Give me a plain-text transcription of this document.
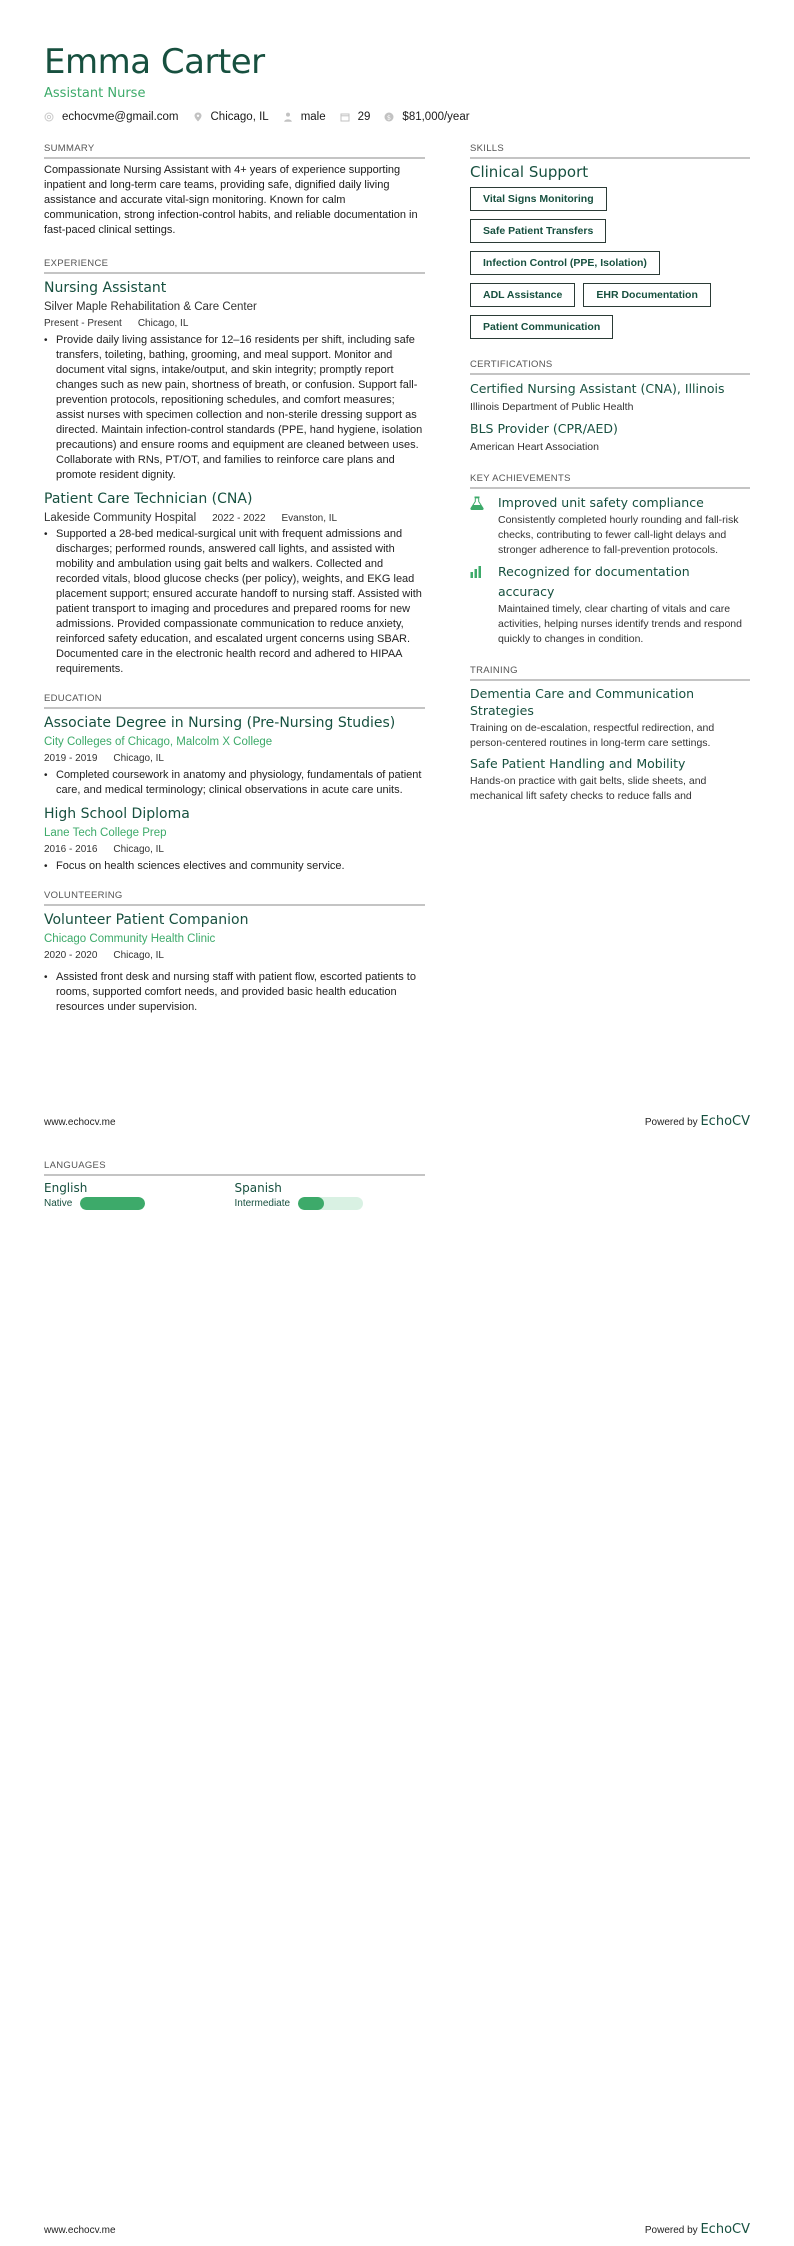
Emma Carter
Assistant Nurse
echocvme@gmail.com	Chicago, IL	male	29	$ $81,000/year
SUMMARY
Compassionate Nursing Assistant with 4+ years of experience supporting inpatient and long-term care teams, providing safe, dignified daily living assistance and accurate vital-sign monitoring. Known for calm communication, strong infection-control habits, and reliable documentation in fast-paced clinical settings.
EXPERIENCE
Nursing Assistant
Silver Maple Rehabilitation & Care Center
Present - Present Chicago, IL
• Provide daily living assistance for 12–16 residents per shift, including safe transfers, toileting, bathing, grooming, and meal support. Monitor and document vital signs, intake/output, and skin integrity; promptly report changes such as new pain, shortness of breath, or confusion. Support fall-prevention protocols, repositioning schedules, and comfort measures; assist nurses with specimen collection and non-sterile dressing support as directed. Maintain infection-control standards (PPE, hand hygiene, isolation precautions) and ensure rooms and equipment are cleaned between uses. Collaborate with RNs, PT/OT, and families to reinforce care plans and promote resident dignity.
Patient Care Technician (CNA)
Lakeside Community Hospital 2022 - 2022 Evanston, IL
• Supported a 28-bed medical-surgical unit with frequent admissions and discharges; performed rounds, answered call lights, and assisted with mobility and ambulation using gait belts and walkers. Collected and recorded vitals, blood glucose checks (per policy), weights, and EKG lead placement support; ensured accurate handoff to nursing staff. Assisted with patient transport to imaging and procedures and prepared rooms for new admissions. Provided compassionate communication to reduce anxiety, reinforced safety education, and escalated urgent concerns using SBAR. Documented care in the electronic health record and adhered to HIPAA requirements.
EDUCATION
Associate Degree in Nursing (Pre-Nursing Studies)
City Colleges of Chicago, Malcolm X College
2019 - 2019 Chicago, IL
• Completed coursework in anatomy and physiology, fundamentals of patient care, and medical terminology; clinical observations in acute care units.
High School Diploma
Lane Tech College Prep
2016 - 2016 Chicago, IL
• Focus on health sciences electives and community service.
VOLUNTEERING
Volunteer Patient Companion
Chicago Community Health Clinic
2020 - 2020 Chicago, IL
• Assisted front desk and nursing staff with patient flow, escorted patients to rooms, supported comfort needs, and provided basic health education resources under supervision.
SKILLS
Clinical Support
Vital Signs Monitoring
Safe Patient Transfers
Infection Control (PPE, Isolation)
ADL Assistance	EHR Documentation
Patient Communication
CERTIFICATIONS
Certified Nursing Assistant (CNA), Illinois
Illinois Department of Public Health
BLS Provider (CPR/AED)
American Heart Association
KEY ACHIEVEMENTS
Improved unit safety compliance
Consistently completed hourly rounding and fall-risk checks, contributing to fewer call-light delays and stronger adherence to fall-prevention protocols.
Recognized for documentation accuracy
Maintained timely, clear charting of vitals and care activities, helping nurses identify trends and respond quickly to changes in condition.
TRAINING
Dementia Care and Communication Strategies
Training on de-escalation, respectful redirection, and person-centered routines in long-term care settings.
Safe Patient Handling and Mobility
Hands-on practice with gait belts, slide sheets, and mechanical lift safety checks to reduce falls and
www.echocv.me	Powered by EchoCV
LANGUAGES
English
Native
Spanish
Intermediate
www.echocv.me	Powered by EchoCV
